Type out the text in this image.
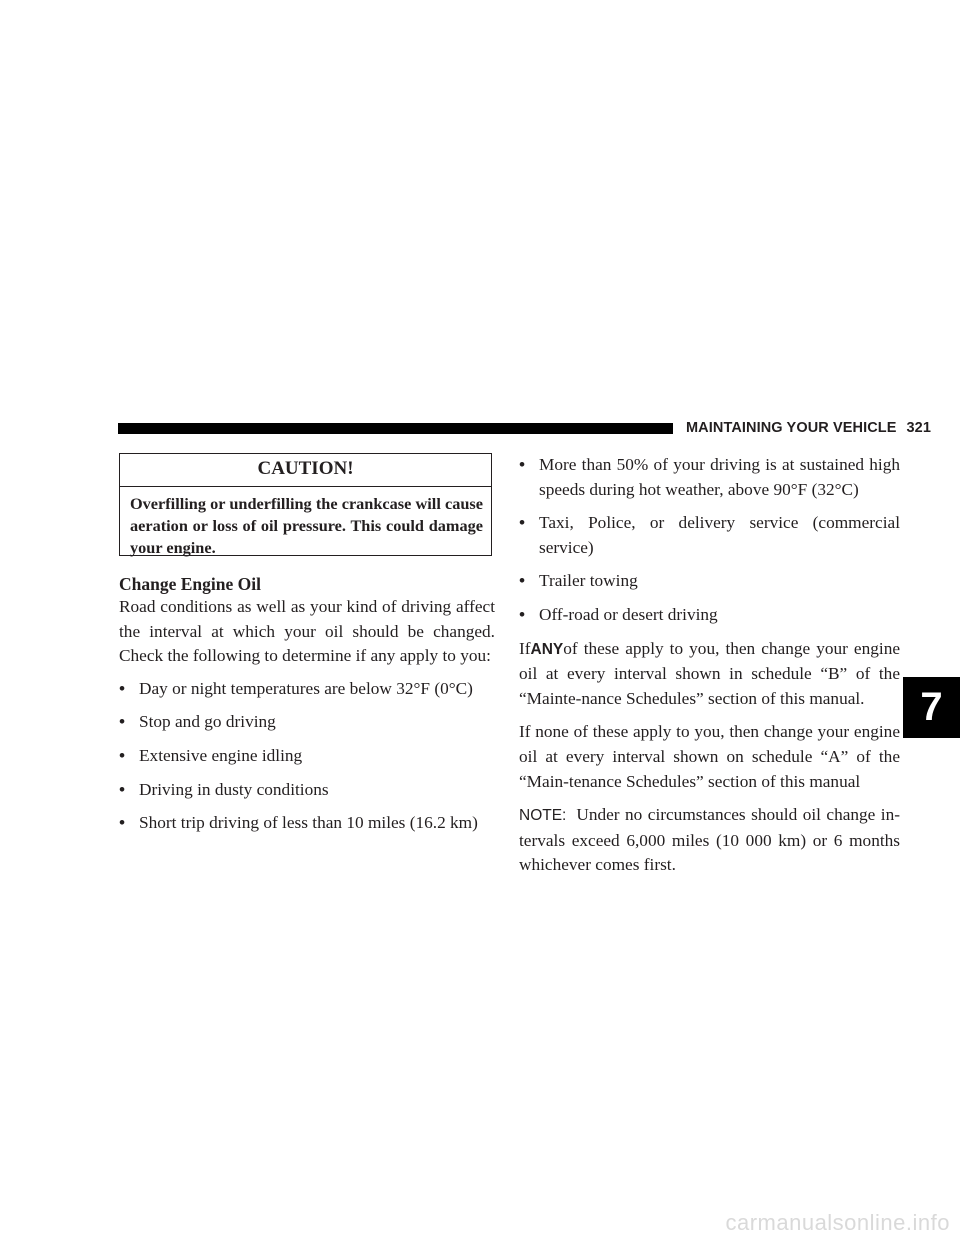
MAINTAINING YOUR VEHICLE 321
CAUTION!
Overfilling or underfilling the crankcase will cause aeration or loss of oil pressure. This could damage your engine.
Change Engine Oil

Road conditions as well as your kind of driving affect the interval at which your oil should be changed. Check the following to determine if any apply to you:

• Day or night temperatures are below 32°F (0°C)
• Stop and go driving
• Extensive engine idling
• Driving in dusty conditions
• Short trip driving of less than 10 miles (16.2 km)
• More than 50% of your driving is at sustained high speeds during hot weather, above 90°F (32°C)
• Taxi, Police, or delivery service (commercial service)
• Trailer towing
• Off-road or desert driving

IfANYof these apply to you, then change your engine oil at every interval shown in schedule “B” of the “Mainte-nance Schedules” section of this manual.

If none of these apply to you, then change your engine oil at every interval shown on schedule “A” of the “Main-tenance Schedules” section of this manual

NOTE: Under no circumstances should oil change in-tervals exceed 6,000 miles (10 000 km) or 6 months whichever comes first.

7
carmanualsonline.info
